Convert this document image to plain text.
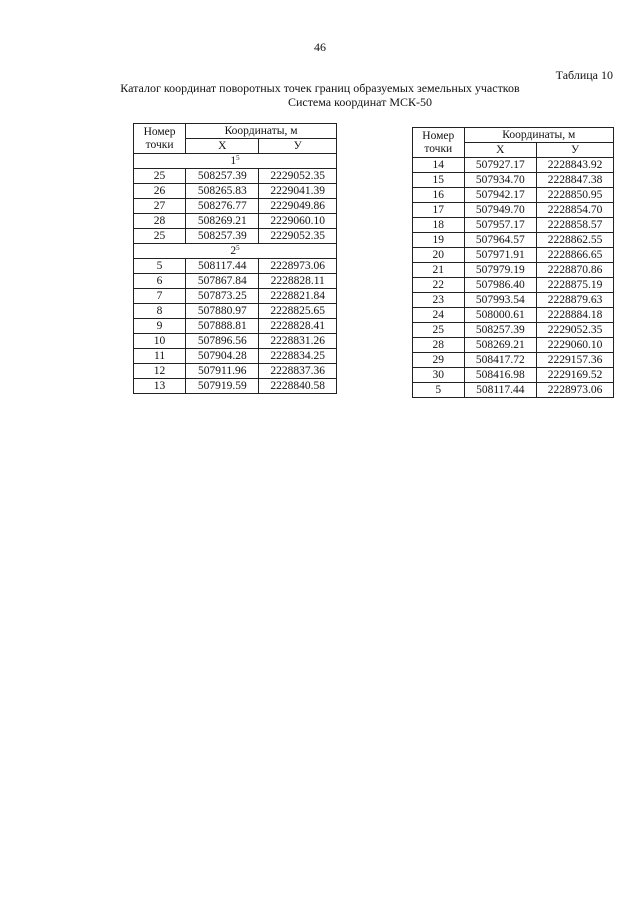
46
Таблица 10
Каталог координат поворотных точек границ образуемых земельных участков
Система координат МСК-50
Номер
точки	Координаты, м	
	X	У
$1^5$
25	508257.39	2229052.35
26	508265.83	2229041.39
27	508276.77	2229049.86
28	508269.21	2229060.10
25	508257.39	2229052.35
$2^5$
5	508117.44	2228973.06
6	507867.84	2228828.11
7	507873.25	2228821.84
8	507880.97	2228825.65
9	507888.81	2228828.41
10	507896.56	2228831.26
11	507904.28	2228834.25
12	507911.96	2228837.36
13	507919.59	2228840.58
Номер
точки	Координаты, м	
	X	У
14	507927.17	2228843.92
15	507934.70	2228847.38
16	507942.17	2228850.95
17	507949.70	2228854.70
18	507957.17	2228858.57
19	507964.57	2228862.55
20	507971.91	2228866.65
21	507979.19	2228870.86
22	507986.40	2228875.19
23	507993.54	2228879.63
24	508000.61	2228884.18
25	508257.39	2229052.35
28	508269.21	2229060.10
29	508417.72	2229157.36
30	508416.98	2229169.52
5	508117.44	2228973.06
